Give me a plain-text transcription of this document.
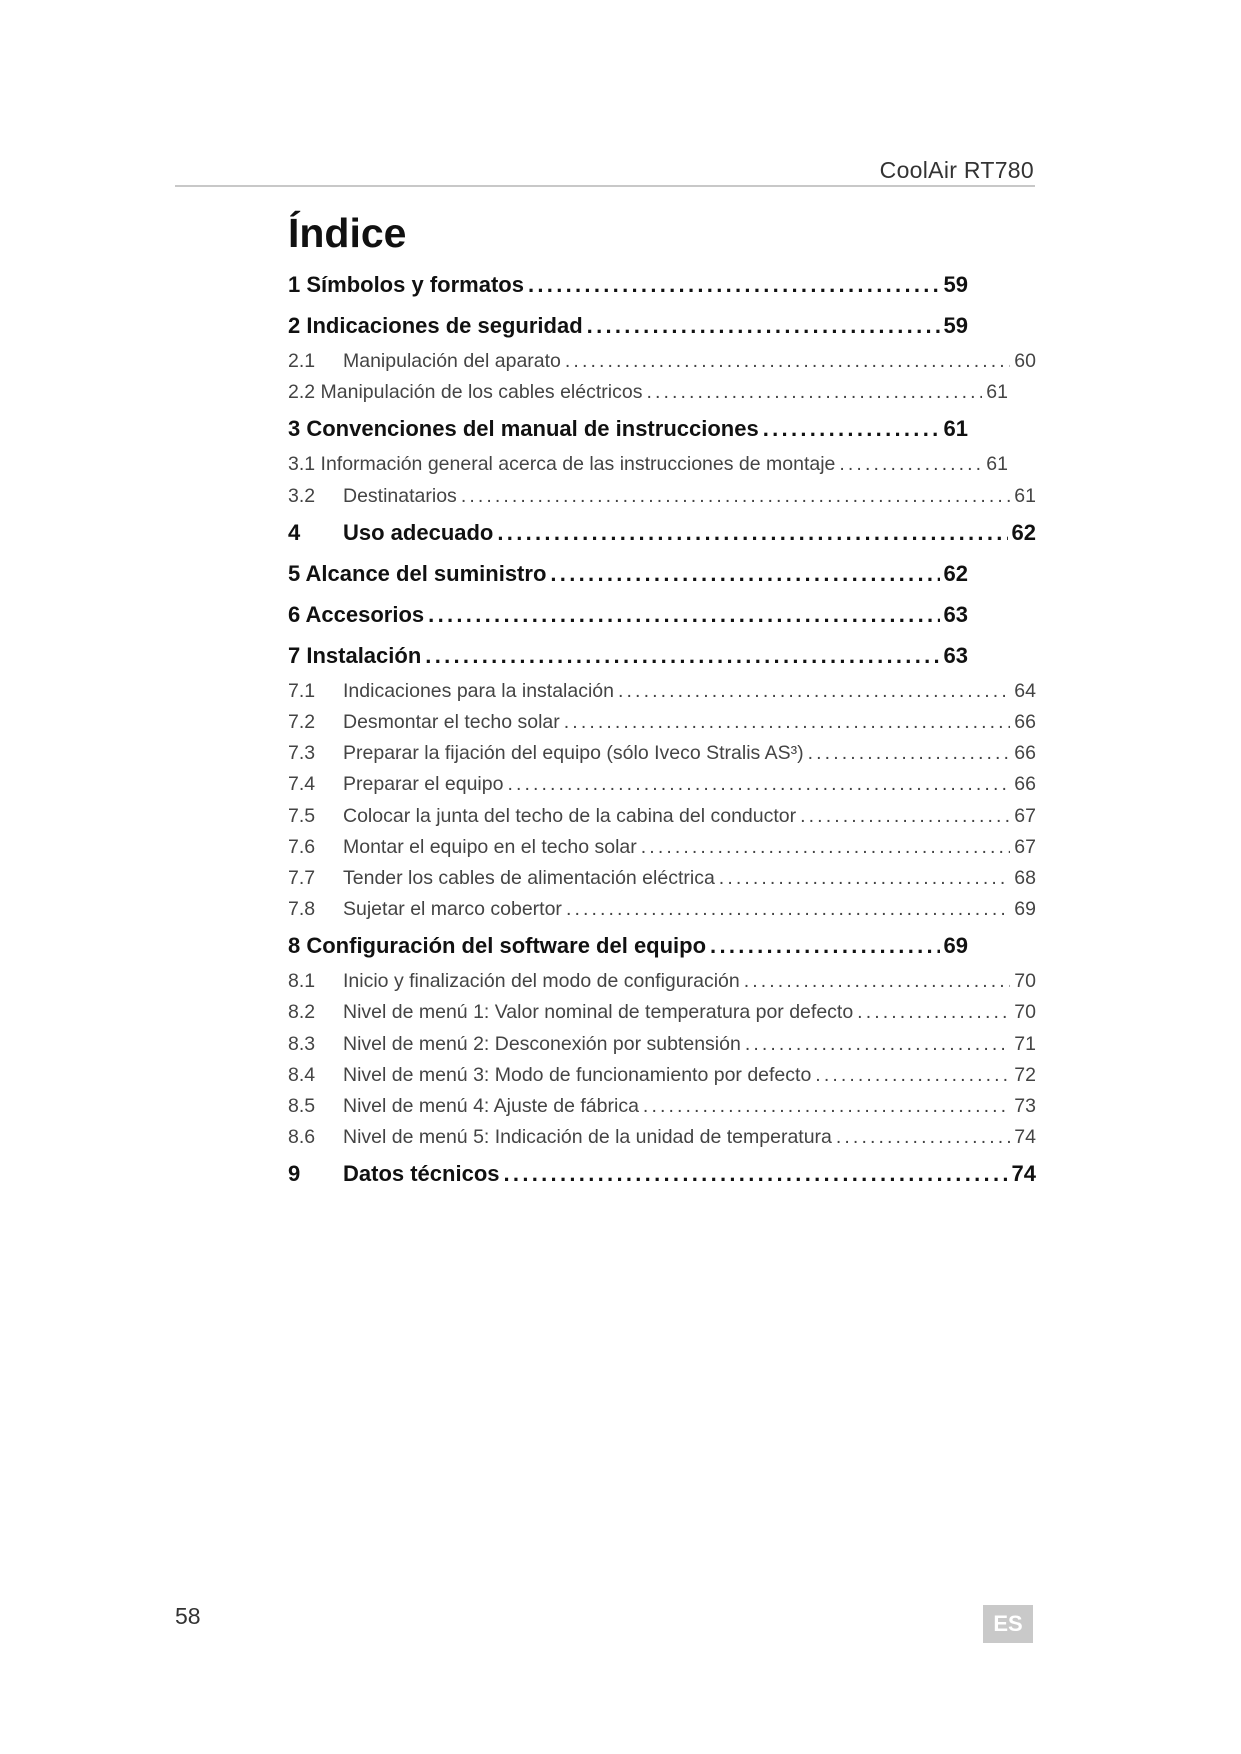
CoolAir RT780
Índice
1 Símbolos y formatos .....	59
2 Indicaciones de seguridad .....	59
2.1	Manipulación del aparato .....	60
2.2 Manipulación de los cables eléctricos .....	61
3 Convenciones del manual de instrucciones .....	61
3.1 Información general acerca de las instrucciones de montaje .....	61
3.2	Destinatarios .....	61
4	Uso adecuado .....	62
5 Alcance del suministro .....	62
6 Accesorios .....	63
7 Instalación .....	63
7.1	Indicaciones para la instalación .....	64
7.2	Desmontar el techo solar .....	66
7.3	Preparar la fijación del equipo (sólo Iveco Stralis AS³) .....	66
7.4	Preparar el equipo .....	66
7.5	Colocar la junta del techo de la cabina del conductor .....	67
7.6	Montar el equipo en el techo solar .....	67
7.7	Tender los cables de alimentación eléctrica .....	68
7.8	Sujetar el marco cobertor .....	69
8 Configuración del software del equipo .....	69
8.1	Inicio y finalización del modo de configuración .....	70
8.2	Nivel de menú 1: Valor nominal de temperatura por defecto .....	70
8.3	Nivel de menú 2: Desconexión por subtensión .....	71
8.4	Nivel de menú 3: Modo de funcionamiento por defecto .....	72
8.5	Nivel de menú 4: Ajuste de fábrica .....	73
8.6	Nivel de menú 5: Indicación de la unidad de temperatura .....	74
9	Datos técnicos .....	74
58	ES
